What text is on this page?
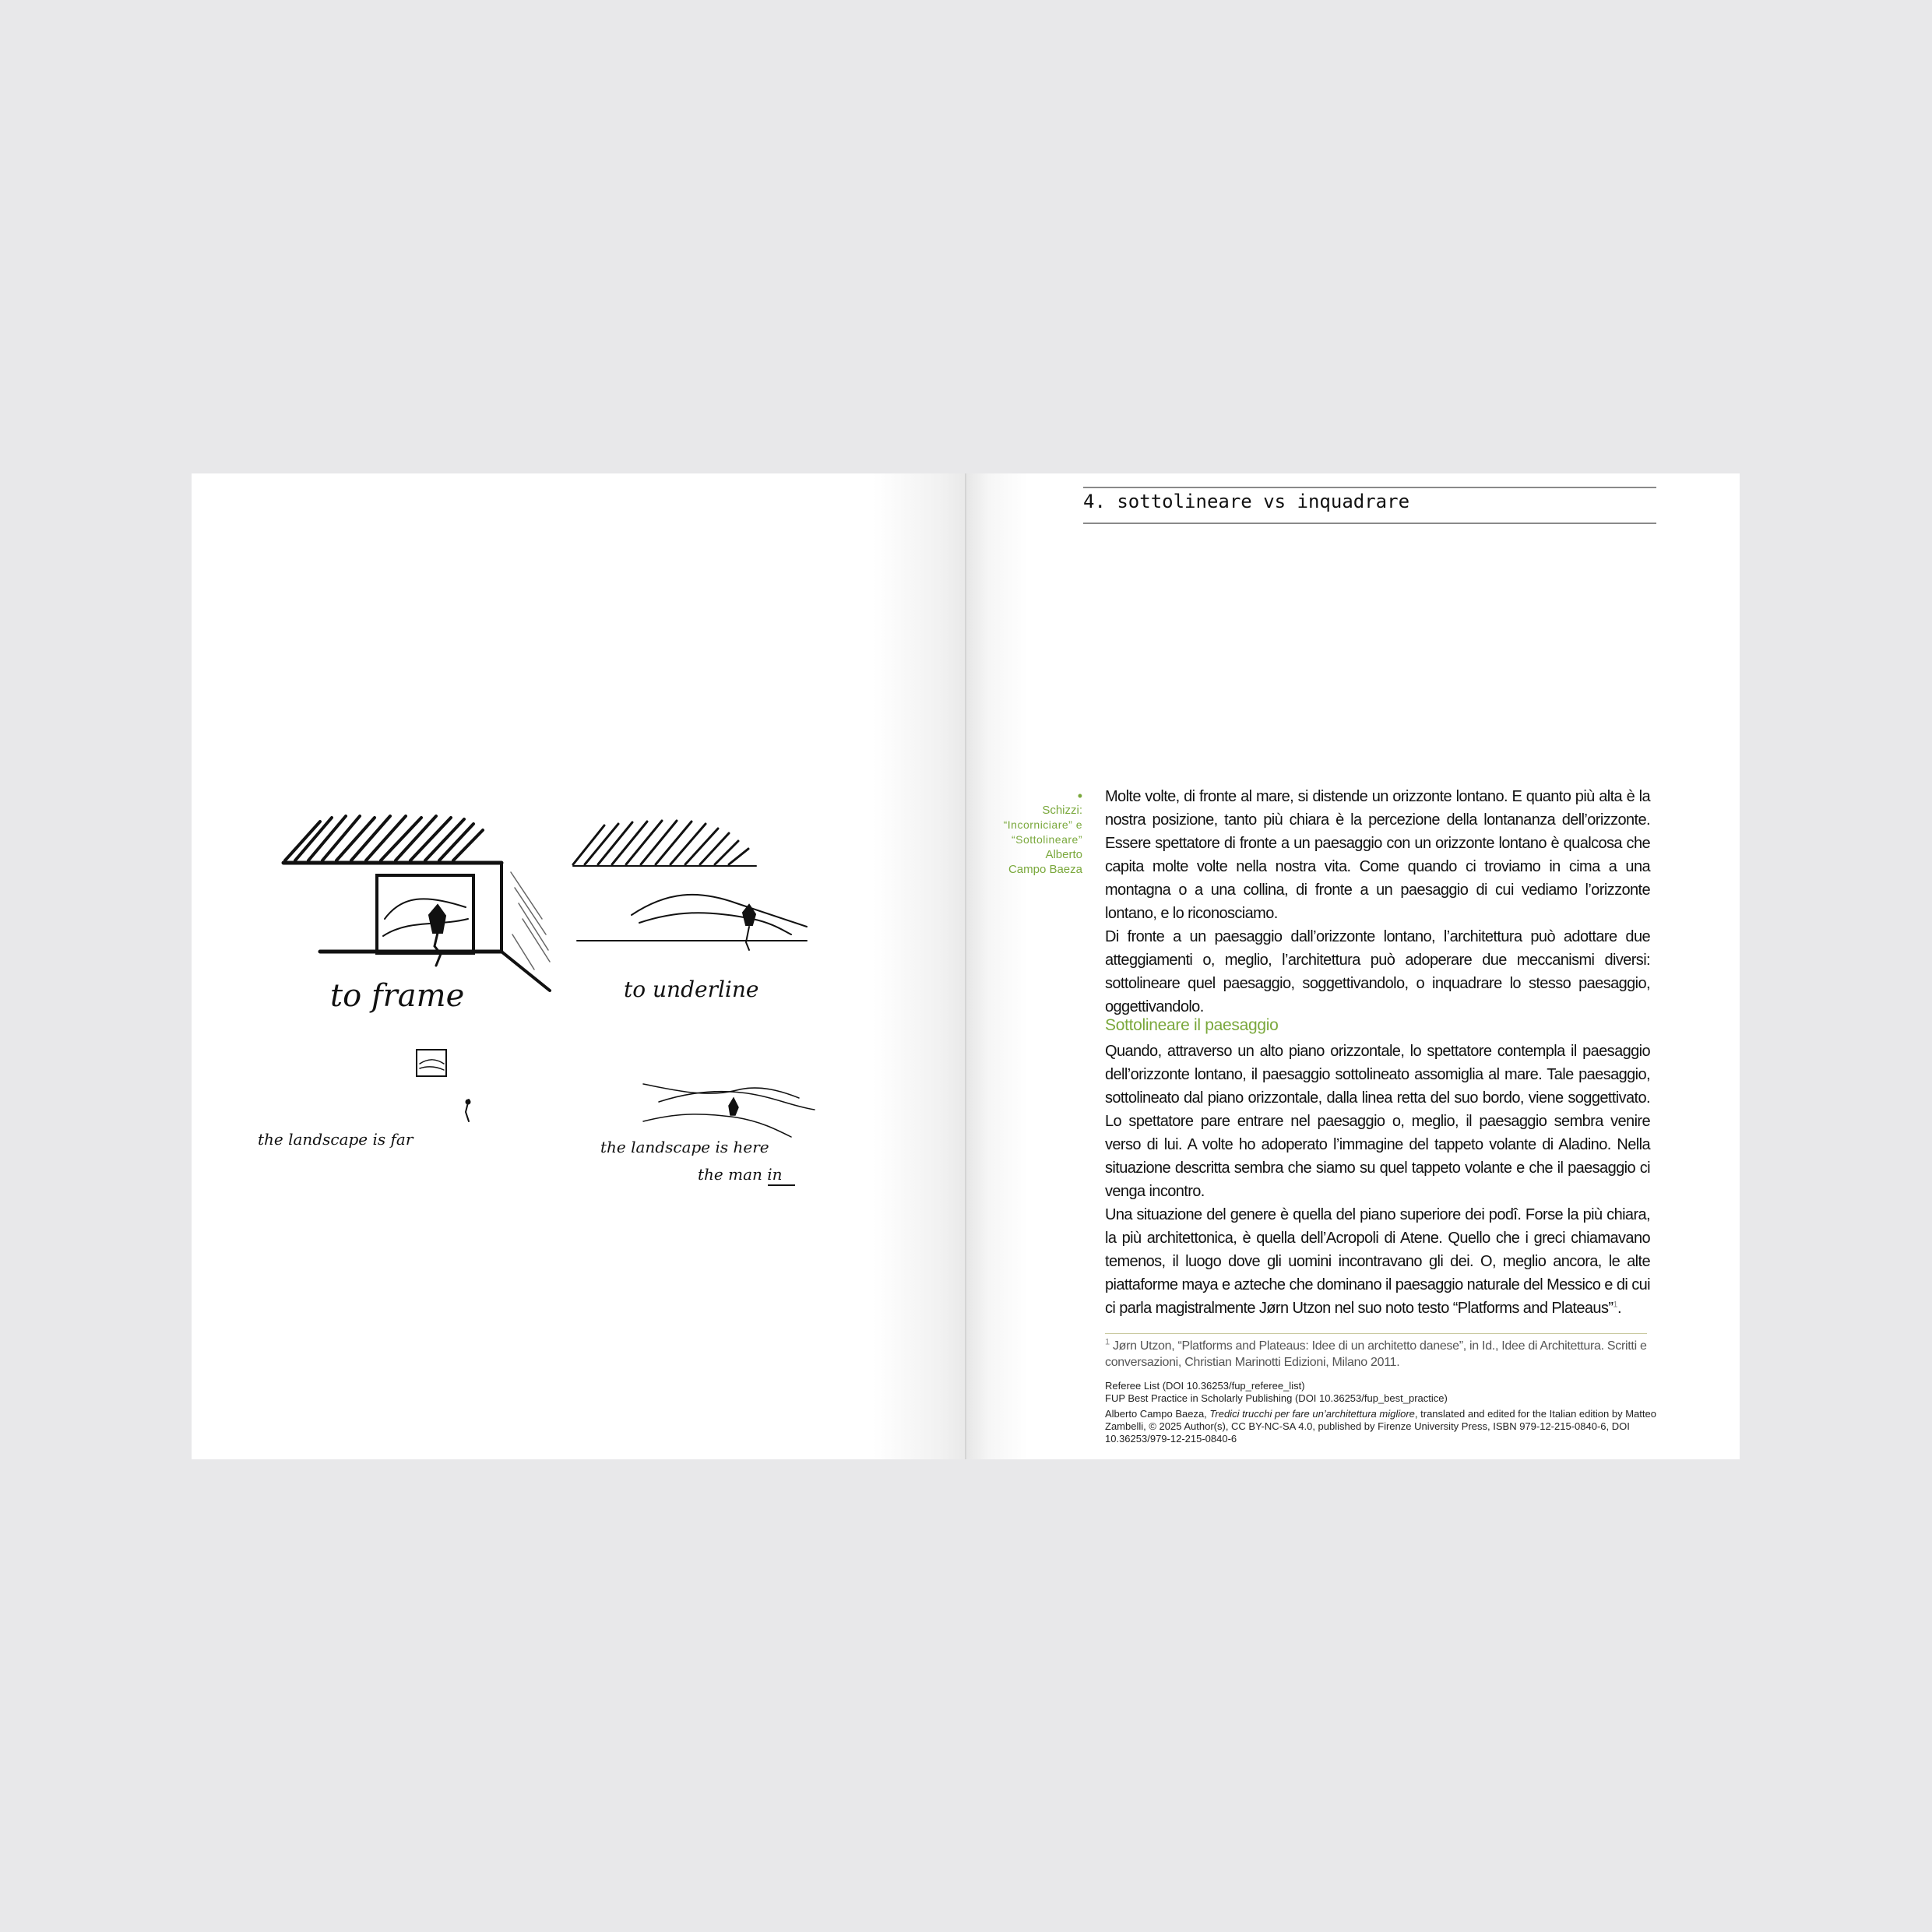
to frame	to underline
the landscape is far	the landscape is here
the man in
4. sottolineare vs inquadrare
•
Schizzi:
“Incorniciare” e
“Sottolineare”
Alberto
Campo Baeza

Molte volte, di fronte al mare, si distende un orizzonte lontano. E quanto più alta è la nostra posizione, tanto più chiara è la percezione della lontananza dell’orizzonte. Essere spettatore di fronte a un paesaggio con un orizzonte lontano è qualcosa che capita molte volte nella nostra vita. Come quando ci troviamo in cima a una montagna o a una collina, di fronte a un paesaggio di cui vediamo l’orizzonte lontano, e lo riconosciamo.

Di fronte a un paesaggio dall’orizzonte lontano, l’architettura può adottare due atteggiamenti o, meglio, l’architettura può adoperare due meccanismi diversi: sottolineare quel paesaggio, soggettivandolo, o inquadrare lo stesso paesaggio, oggettivandolo.

Sottolineare il paesaggio

Quando, attraverso un alto piano orizzontale, lo spettatore contempla il paesaggio dell’orizzonte lontano, il paesaggio sottolineato assomiglia al mare. Tale paesaggio, sottolineato dal piano orizzontale, dalla linea retta del suo bordo, viene soggettivato. Lo spettatore pare entrare nel paesaggio o, meglio, il paesaggio sembra venire verso di lui. A volte ho adoperato l’immagine del tappeto volante di Aladino. Nella situazione descritta sembra che siamo su quel tappeto volante e che il paesaggio ci venga incontro.

Una situazione del genere è quella del piano superiore dei podî. Forse la più chiara, la più architettonica, è quella dell’Acropoli di Atene. Quello che i greci chiamavano temenos, il luogo dove gli uomini incontravano gli dei. O, meglio ancora, le alte piattaforme maya e azteche che dominano il paesaggio naturale del Messico e di cui ci parla magistralmente Jørn Utzon nel suo noto testo “Platforms and Plateaus”$^1$.

$^1$ Jørn Utzon, “Platforms and Plateaus: Idee di un architetto danese”, in Id., Idee di Architettura. Scritti e conversazioni, Christian Marinotti Edizioni, Milano 2011.
Referee List (DOI 10.36253/fup_referee_list)
FUP Best Practice in Scholarly Publishing (DOI 10.36253/fup_best_practice)
Alberto Campo Baeza, Tredici trucchi per fare un’architettura migliore, translated and edited for the Italian edition by Matteo Zambelli, © 2025 Author(s), CC BY-NC-SA 4.0, published by Firenze University Press, ISBN 979-12-215-0840-6, DOI 10.36253/979-12-215-0840-6
